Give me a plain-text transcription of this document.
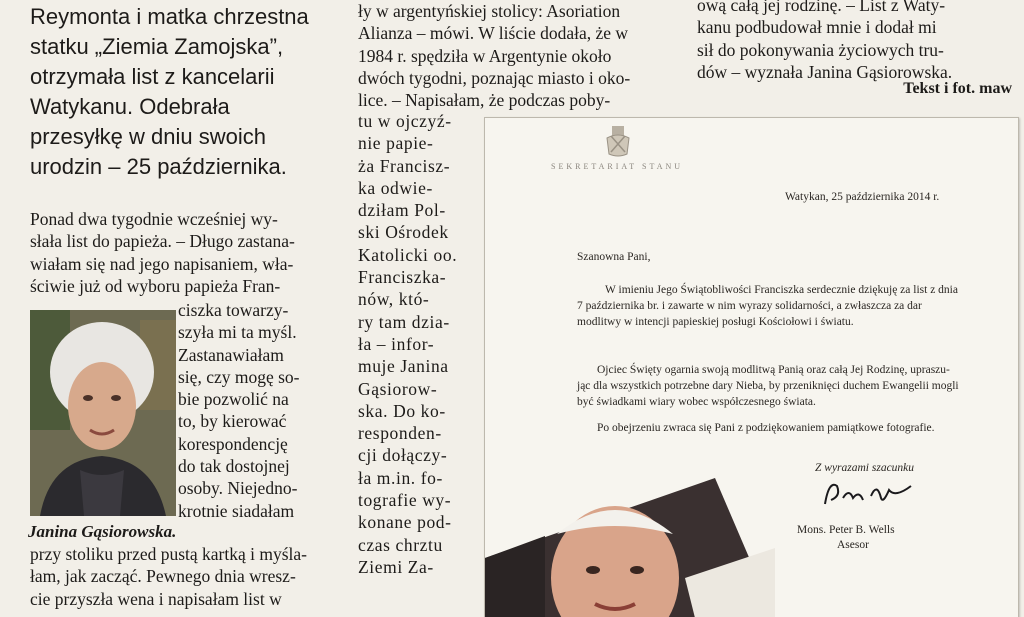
Reymonta i matka chrzestna
statku „Ziemia Zamojska”,
otrzymała list z kancelarii
Watykanu. Odebrała
przesyłkę w dniu swoich
urodzin – 25 października.
Ponad dwa tygodnie wcześniej wy-
słała list do papieża. – Długo zastana-
wiałam się nad jego napisaniem, wła-
ściwie już od wyboru papieża Fran-
ciszka towarzy-
szyła mi ta myśl.
Zastanawiałam
się, czy mogę so-
bie pozwolić na
to, by kierować
korespondencję
do tak dostojnej
osoby. Niejedno-
krotnie siadałam
Janina Gąsiorowska.
przy stoliku przed pustą kartką i myśla-
łam, jak zacząć. Pewnego dnia wresz-
cie przyszła wena i napisałam list w
ły w argentyńskiej stolicy: Asoriation
Alianza – mówi. W liście dodała, że w
1984 r. spędziła w Argentynie około
dwóch tygodni, poznając miasto i oko-
lice. – Napisałam, że podczas poby-
tu w ojczyź-
nie papie-
ża Francisz-
ka odwie-
dziłam Pol-
ski Ośrodek
Katolicki oo.
Franciszka-
nów, któ-
ry tam dzia-
ła – infor-
muje Janina
Gąsiorow-
ska. Do ko-
responden-
cji dołączy-
ła m.in. fo-
tografie wy-
konane pod-
czas chrztu
Ziemi Za-
ową całą jej rodzinę. – List z Waty-
kanu podbudował mnie i dodał mi
sił do pokonywania życiowych tru-
dów – wyznała Janina Gąsiorowska.
Tekst i fot. maw
SEKRETARIAT STANU
Watykan, 25 października 2014 r.
Szanowna Pani,
W imieniu Jego Świątobliwości Franciszka serdecznie dziękuję za list z dnia
7 października br. i zawarte w nim wyrazy solidarności, a zwłaszcza za dar
modlitwy w intencji papieskiej posługi Kościołowi i światu.
Ojciec Święty ogarnia swoją modlitwą Panią oraz całą Jej Rodzinę, upraszu-
jąc dla wszystkich potrzebne dary Nieba, by przeniknięci duchem Ewangelii mogli
być świadkami wiary wobec współczesnego świata.
Po obejrzeniu zwraca się Pani z podziękowaniem pamiątkowe fotografie.
Z wyrazami szacunku
Mons. Peter B. Wells
Asesor
